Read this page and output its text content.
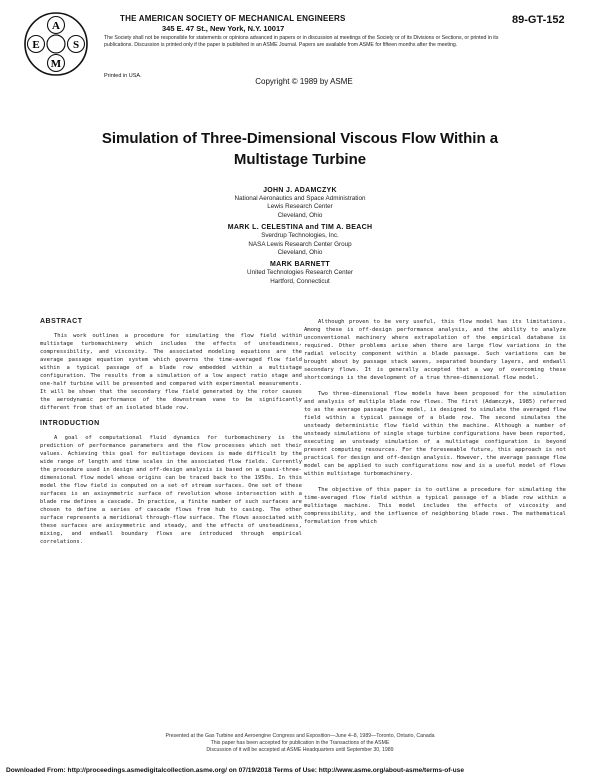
A
S
M
E
THE AMERICAN SOCIETY OF MECHANICAL ENGINEERS
345 E. 47 St., New York, N.Y. 10017
89-GT-152
The Society shall not be responsible for statements or opinions advanced in papers or in discussion at meetings of the Society or of its Divisions or Sections, or printed in its publications. Discussion is printed only if the paper is published in an ASME Journal. Papers are available from ASME for fifteen months after the meeting.
Printed in USA.
Copyright © 1989 by ASME
Simulation of Three-Dimensional Viscous Flow Within a Multistage Turbine
JOHN J. ADAMCZYK
National Aeronautics and Space Administration
Lewis Research Center
Cleveland, Ohio
MARK L. CELESTINA and TIM A. BEACH
Sverdrup Technologies, Inc.
NASA Lewis Research Center Group
Cleveland, Ohio
MARK BARNETT
United Technologies Research Center
Hartford, Connecticut
ABSTRACT

This work outlines a procedure for simulating the flow field within multistage turbomachinery which includes the effects of unsteadiness, compressibility, and viscosity. The associated modeling equations are the average passage equation system which governs the time-averaged flow field within a typical passage of a blade row embedded within a multistage configuration. The results from a simulation of a low aspect ratio stage and one-half turbine will be presented and compared with experimental measurements. It will be shown that the secondary flow field generated by the rotor causes the aerodynamic performance of the downstream vane to be significantly different from that of an isolated blade row.

INTRODUCTION

A goal of computational fluid dynamics for turbomachinery is the prediction of performance parameters and the flow processes which set their values. Achieving this goal for multistage devices is made difficult by the wide range of length and time scales in the associated flow fields. Currently the procedure used in design and off-design analysis is based on a quasi-three-dimensional flow model whose origins can be traced back to the 1950s. In this model the flow field is computed on a set of stream surfaces. One set of these surfaces is an axisymmetric surface of revolution whose intersection with a blade row defines a cascade. In practice, a finite number of such surfaces are chosen to define a series of cascade flows from hub to casing. The other surface represents a meridional through-flow surface. The flows associated with these surfaces are axisymmetric and steady, and the effects of unsteadiness, mixing, and endwall boundary flows are introduced through empirical correlations.

Although proven to be very useful, this flow model has its limitations. Among these is off-design performance analysis, and the ability to analyze unconventional machinery where extrapolation of the empirical database is required. Other problems arise when there are large flow variations in the radial velocity component within a blade passage. Such variations can be brought about by passage stack waves, separated boundary layers, and endwall secondary flows. It is generally accepted that a way of overcoming these shortcomings is the development of a true three-dimensional flow model.

Two three-dimensional flow models have been proposed for the simulation and analysis of multiple blade row flows. The first (Adamczyk, 1985) referred to as the average passage flow model, is designed to simulate the averaged flow field within a typical passage of a blade row. The second simulates the unsteady deterministic flow field within the machine. Although a number of unsteady simulations of single stage turbine configurations have been reported, executing an unsteady simulation of a multistage configuration is beyond present computing resources. For the foreseeable future, this approach is not practical for design and off-design analysis. However, the average passage flow model can be applied to such configurations now and is a useful model of flows within multistage turbomachinery.

The objective of this paper is to outline a procedure for simulating the time-averaged flow field within a typical passage of a blade row within a multistage machine. This model includes the effects of viscosity and compressibility, and the influence of neighboring blade rows. The mathematical formulation from which

Presented at the Gas Turbine and Aeroengine Congress and Exposition—June 4–8, 1989—Toronto, Ontario, Canada
This paper has been accepted for publication in the Transactions of the ASME
Discussion of it will be accepted at ASME Headquarters until September 30, 1989
Downloaded From: http://proceedings.asmedigitalcollection.asme.org/ on 07/19/2018 Terms of Use: http://www.asme.org/about-asme/terms-of-use
